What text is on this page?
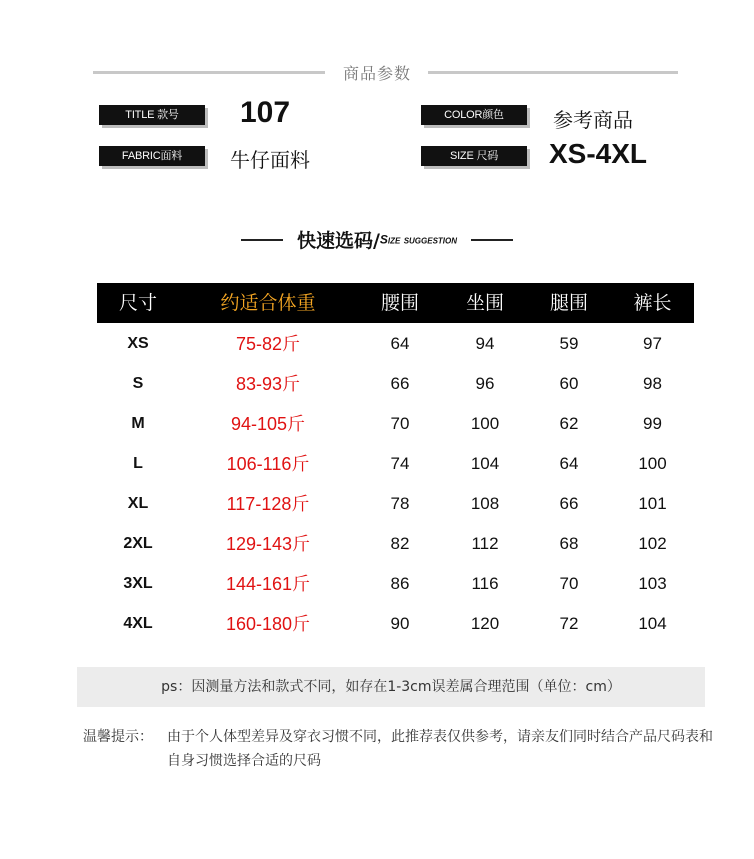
商品参数
TITLE 款号	107	COLOR颜色	参考商品
FABRIC面料	牛仔面料	SIZE 尺码	XS-4XL
快速选码/Size suggestion
尺寸	约适合体重	腰围	坐围	腿围	裤长
XS	75-82斤	64	94	59	97
S	83-93斤	66	96	60	98
M	94-105斤	70	100	62	99
L	106-116斤	74	104	64	100
XL	117-128斤	78	108	66	101
2XL	129-143斤	82	112	68	102
3XL	144-161斤	86	116	70	103
4XL	160-180斤	90	120	72	104
ps：因测量方法和款式不同，如存在1-3cm误差属合理范围（单位：cm）
温馨提示： 由于个人体型差异及穿衣习惯不同，此推荐表仅供参考，请亲友们同时结合产品尺码表和自身习惯选择合适的尺码
